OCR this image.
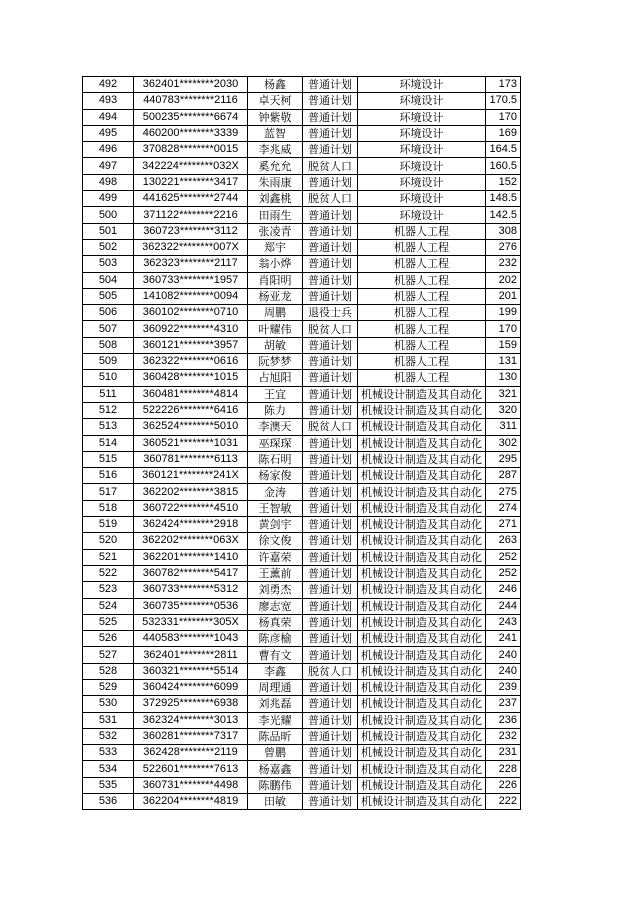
492	362401********2030	杨鑫	普通计划	环境设计	173
493	440783********2116	卓天柯	普通计划	环境设计	170.5
494	500235********6674	钟紫敬	普通计划	环境设计	170
495	460200********3339	蓝智	普通计划	环境设计	169
496	370828********0015	李兆威	普通计划	环境设计	164.5
497	342224********032X	奚允允	脱贫人口	环境设计	160.5
498	130221********3417	朱雨康	普通计划	环境设计	152
499	441625********2744	刘鑫桃	脱贫人口	环境设计	148.5
500	371122********2216	田雨生	普通计划	环境设计	142.5
501	360723********3112	张凌青	普通计划	机器人工程	308
502	362322********007X	郑宇	普通计划	机器人工程	276
503	362323********2117	翁小烨	普通计划	机器人工程	232
504	360733********1957	肖阳明	普通计划	机器人工程	202
505	141082********0094	杨亚龙	普通计划	机器人工程	201
506	360102********0710	周鹏	退役士兵	机器人工程	199
507	360922********4310	叶耀伟	脱贫人口	机器人工程	170
508	360121********3957	胡敏	普通计划	机器人工程	159
509	362322********0616	阮梦梦	普通计划	机器人工程	131
510	360428********1015	占旭阳	普通计划	机器人工程	130
511	360481********4814	王宜	普通计划	机械设计制造及其自动化	321
512	522226********6416	陈力	普通计划	机械设计制造及其自动化	320
513	362524********5010	李澳天	脱贫人口	机械设计制造及其自动化	311
514	360521********1031	巫琛琛	普通计划	机械设计制造及其自动化	302
515	360781********6113	陈石明	普通计划	机械设计制造及其自动化	295
516	360121********241X	杨家俊	普通计划	机械设计制造及其自动化	287
517	362202********3815	金涛	普通计划	机械设计制造及其自动化	275
518	360722********4510	王智敏	普通计划	机械设计制造及其自动化	274
519	362424********2918	黄剑宇	普通计划	机械设计制造及其自动化	271
520	362202********063X	徐文俊	普通计划	机械设计制造及其自动化	263
521	362201********1410	许嘉荣	普通计划	机械设计制造及其自动化	252
522	360782********5417	王薰前	普通计划	机械设计制造及其自动化	252
523	360733********5312	刘勇杰	普通计划	机械设计制造及其自动化	246
524	360735********0536	廖志宽	普通计划	机械设计制造及其自动化	244
525	532331********305X	杨真荣	普通计划	机械设计制造及其自动化	243
526	440583********1043	陈彦榆	普通计划	机械设计制造及其自动化	241
527	362401********2811	曹有文	普通计划	机械设计制造及其自动化	240
528	360321********5514	李鑫	脱贫人口	机械设计制造及其自动化	240
529	360424********6099	周理通	普通计划	机械设计制造及其自动化	239
530	372925********6938	刘兆磊	普通计划	机械设计制造及其自动化	237
531	362324********3013	李光耀	普通计划	机械设计制造及其自动化	236
532	360281********7317	陈品昕	普通计划	机械设计制造及其自动化	232
533	362428********2119	曾鹏	普通计划	机械设计制造及其自动化	231
534	522601********7613	杨嘉鑫	普通计划	机械设计制造及其自动化	228
535	360731********4498	陈鹏伟	普通计划	机械设计制造及其自动化	226
536	362204********4819	田敏	普通计划	机械设计制造及其自动化	222
